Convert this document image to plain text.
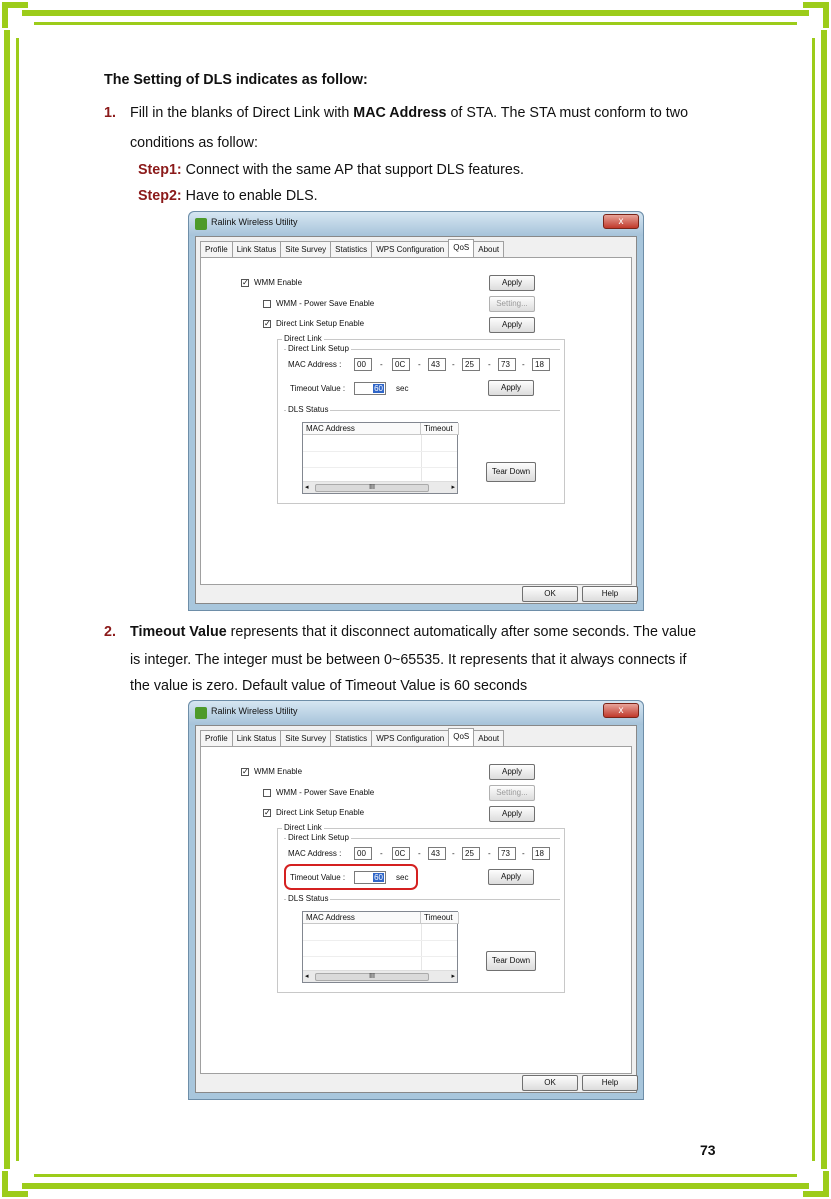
The Setting of DLS indicates as follow:
1. Fill in the blanks of Direct Link with MAC Address of STA. The STA must conform to two
conditions as follow:
Step1: Connect with the same AP that support DLS features.
Step2: Have to enable DLS.
Ralink Wireless Utility	x
Profile	Link Status	Site Survey	Statistics	WPS Configuration	QoS	About
✓ WMM Enable	Apply
WMM - Power Save Enable	Setting...
✓ Direct Link Setup Enable	Apply
Direct Link
Direct Link Setup
MAC Address :	00	-	0C	-	43	-	25	-	73	-	18
Timeout Value :	60 sec	Apply
DLS Status
MAC Address	Timeout
◂	III	▸
Tear Down
OK	Help
2. Timeout Value represents that it disconnect automatically after some seconds. The value
is integer. The integer must be between 0~65535. It represents that it always connects if
the value is zero. Default value of Timeout Value is 60 seconds
Ralink Wireless Utility	x
Profile	Link Status	Site Survey	Statistics	WPS Configuration	QoS	About
✓ WMM Enable	Apply
WMM - Power Save Enable	Setting...
✓ Direct Link Setup Enable	Apply
Direct Link
Direct Link Setup
MAC Address :	00	-	0C	-	43	-	25	-	73	-	18
Timeout Value :	60 sec	Apply
DLS Status
MAC Address	Timeout
◂	III	▸
Tear Down
OK	Help
73
